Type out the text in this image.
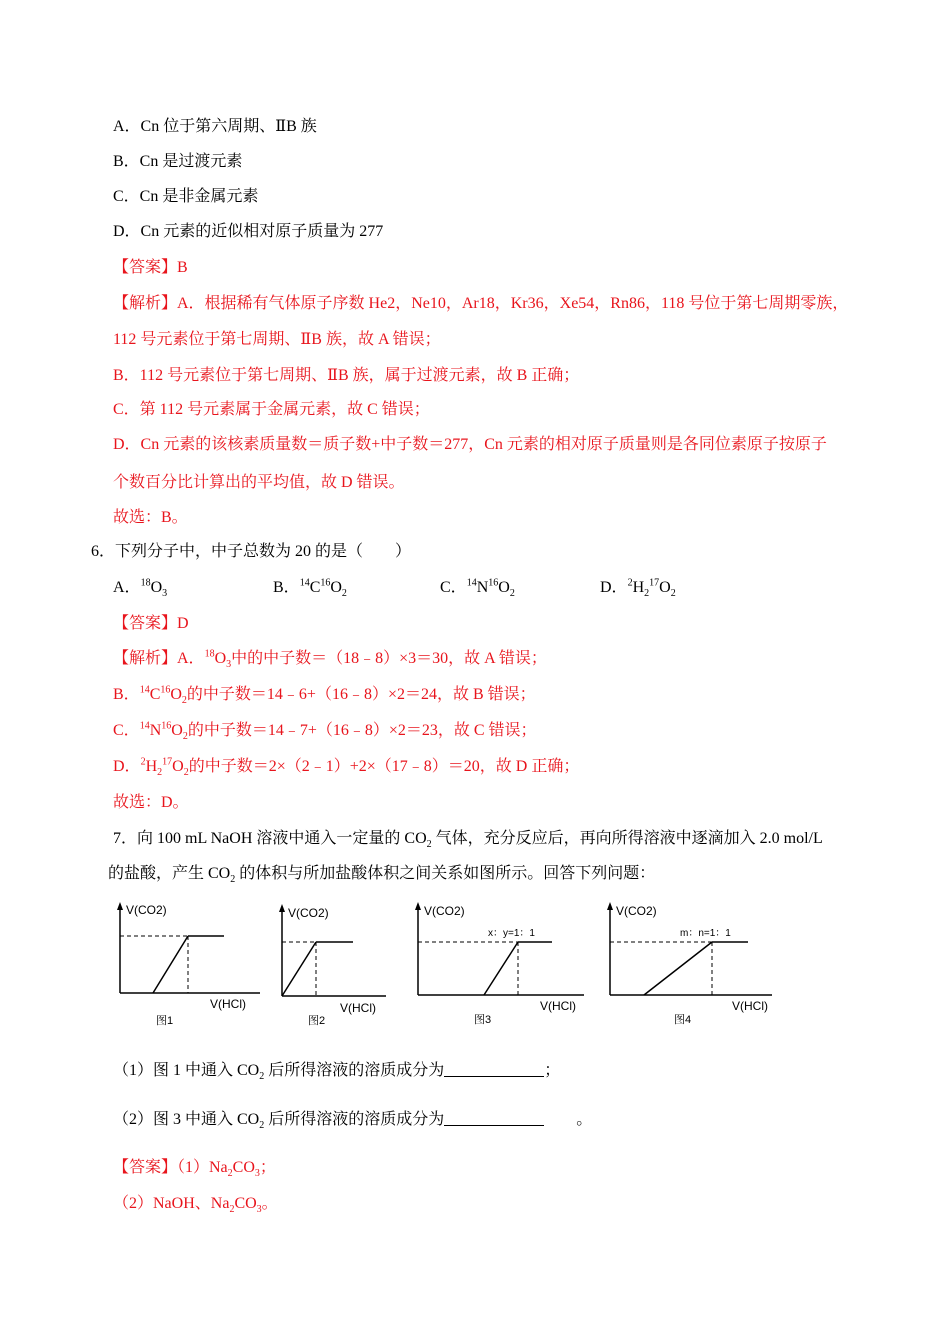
A．Cn 位于第六周期、ⅡB 族
B．Cn 是过渡元素
C．Cn 是非金属元素
D．Cn 元素的近似相对原子质量为 277
【答案】B
【解析】A．根据稀有气体原子序数 He2，Ne10，Ar18，Kr36，Xe54，Rn86，118 号位于第七周期零族，
112 号元素位于第七周期、ⅡB 族，故 A 错误；
B．112 号元素位于第七周期、ⅡB 族，属于过渡元素，故 B 正确；
C．第 112 号元素属于金属元素，故 C 错误；
D．Cn 元素的该核素质量数＝质子数+中子数＝277，Cn 元素的相对原子质量则是各同位素原子按原子
个数百分比计算出的平均值，故 D 错误。
故选：B。
6．下列分子中，中子总数为 20 的是（　　）
A．$^{18}O_3$	B．$^{14}C^{16}O_2$	C．$^{14}N^{16}O_2$	D．$^2H_2^{17}O_2$
【答案】D
【解析】A．$^{18}O_3$中的中子数＝（18﹣8）×3＝30，故 A 错误；
B．$^{14}C^{16}O_2$的中子数＝14﹣6+（16﹣8）×2＝24，故 B 错误；
C．$^{14}N^{16}O_2$的中子数＝14﹣7+（16﹣8）×2＝23，故 C 错误；
D．$^2H_2^{17}O_2$的中子数＝2×（2﹣1）+2×（17﹣8）＝20，故 D 正确；
故选：D。
7．向 100 mL NaOH 溶液中通入一定量的 $CO_2$ 气体，充分反应后，再向所得溶液中逐滴加入 2.0 mol/L
的盐酸，产生 $CO_2$ 的体积与所加盐酸体积之间关系如图所示。回答下列问题：
V(CO2)
V(HCl)
图1
V(CO2)
V(HCl)
图2
V(CO2)
x：y=1：1
V(HCl)
图3
V(CO2)
m：n=1：1
V(HCl)
图4
（1）图 1 中通入 $CO_2$ 后所得溶液的溶质成分为	；
（2）图 3 中通入 $CO_2$ 后所得溶液的溶质成分为	　　。
【答案】$(1)Na_2CO_3$；
（2）NaOH、$Na_2CO_3$。
